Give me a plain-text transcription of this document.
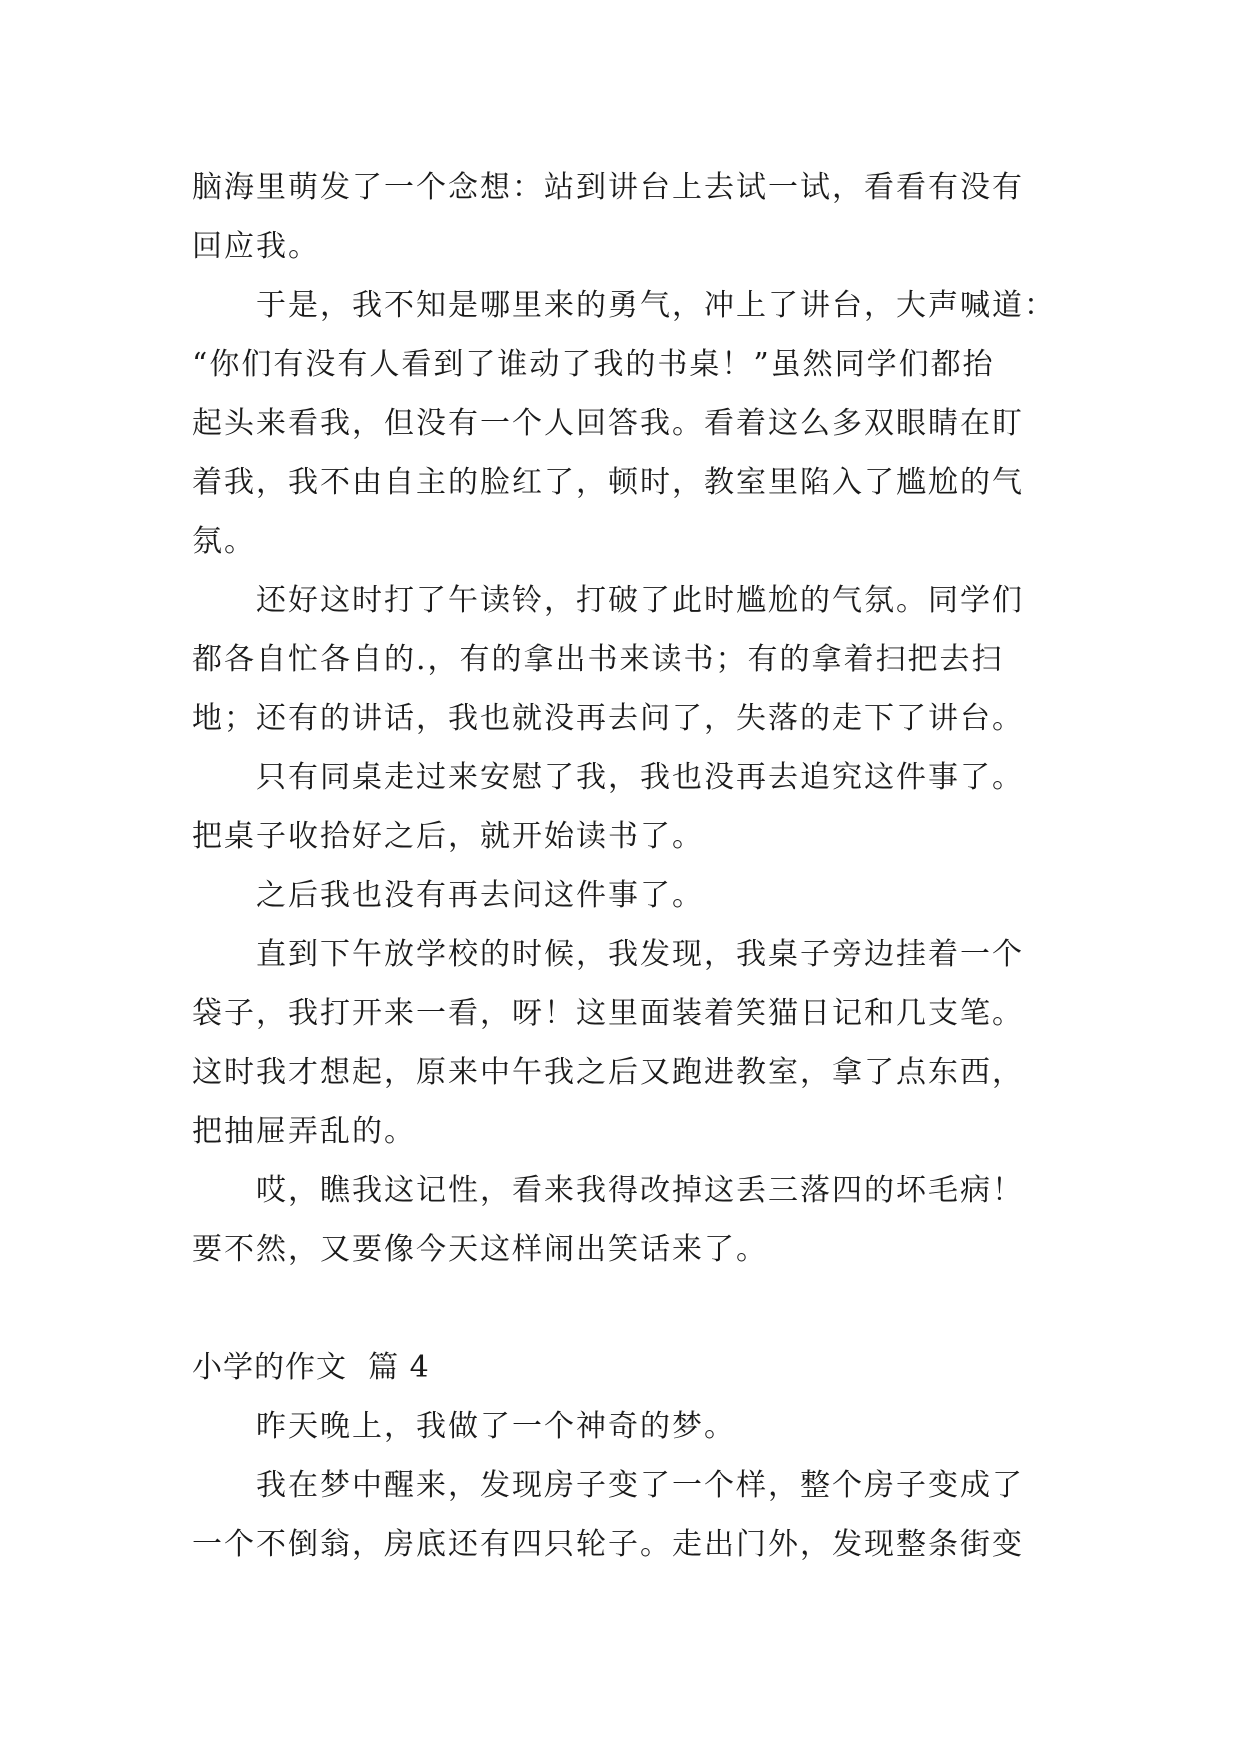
脑海里萌发了一个念想：站到讲台上去试一试，看看有没有
回应我。

　　于是，我不知是哪里来的勇气，冲上了讲台，大声喊道：
“你们有没有人看到了谁动了我的书桌！”虽然同学们都抬
起头来看我，但没有一个人回答我。看着这么多双眼睛在盯
着我，我不由自主的脸红了，顿时，教室里陷入了尴尬的气
氛。

　　还好这时打了午读铃，打破了此时尴尬的气氛。同学们
都各自忙各自的.，有的拿出书来读书；有的拿着扫把去扫
地；还有的讲话，我也就没再去问了，失落的走下了讲台。

　　只有同桌走过来安慰了我，我也没再去追究这件事了。
把桌子收拾好之后，就开始读书了。

　　之后我也没有再去问这件事了。

　　直到下午放学校的时候，我发现，我桌子旁边挂着一个
袋子，我打开来一看，呀！这里面装着笑猫日记和几支笔。
这时我才想起，原来中午我之后又跑进教室，拿了点东西，
把抽屉弄乱的。

　　哎，瞧我这记性，看来我得改掉这丢三落四的坏毛病！
要不然，又要像今天这样闹出笑话来了。

小学的作文  篇 4

　　昨天晚上，我做了一个神奇的梦。

　　我在梦中醒来，发现房子变了一个样，整个房子变成了
一个不倒翁，房底还有四只轮子。走出门外，发现整条街变
